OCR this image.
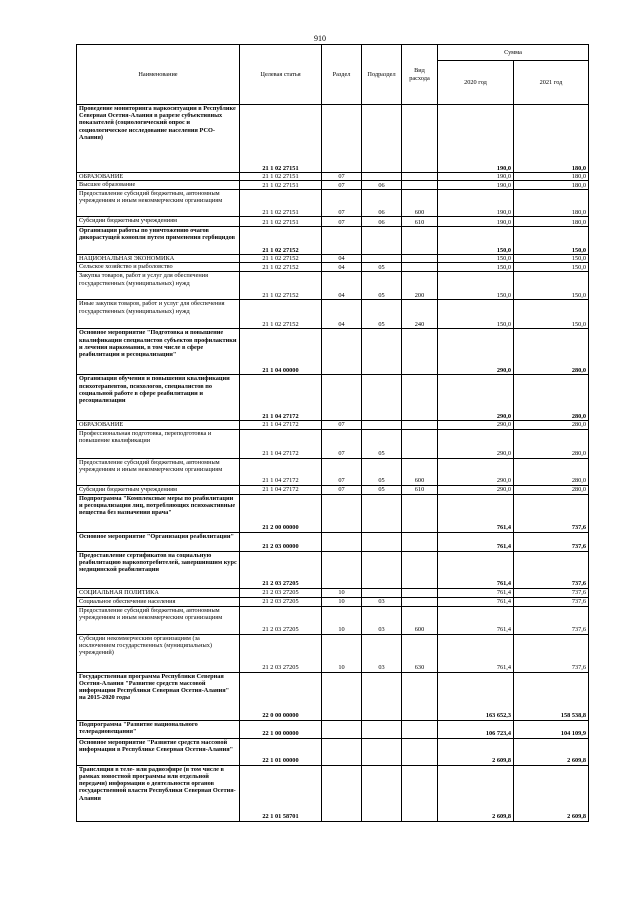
910
Наименование	Целевая статья	Раздел	Подраздел	Вид расхода	Сумма	
					2020 год	2021 год
Проведение мониторинга наркоситуации в Республике Северная Осетия-Алания в разрезе субъективных показателей (социологический опрос и социологическое исследование населения РСО-Алания)	21 1 02 27151				190,0	180,0
ОБРАЗОВАНИЕ	21 1 02 27151	07			190,0	180,0
Высшее образование	21 1 02 27151	07	06		190,0	180,0
Предоставление субсидий бюджетным, автономным учреждениям и иным некоммерческим организациям	21 1 02 27151	07	06	600	190,0	180,0
Субсидии бюджетным учреждениям	21 1 02 27151	07	06	610	190,0	180,0
Организация работы по уничтожению очагов дикорастущей конопли путем применения гербицидов	21 1 02 27152				150,0	150,0
НАЦИОНАЛЬНАЯ ЭКОНОМИКА	21 1 02 27152	04			150,0	150,0
Сельское хозяйство и рыболовство	21 1 02 27152	04	05		150,0	150,0
Закупка товаров, работ и услуг для обеспечения государственных (муниципальных) нужд	21 1 02 27152	04	05	200	150,0	150,0
Иные закупки товаров, работ и услуг для обеспечения государственных (муниципальных) нужд	21 1 02 27152	04	05	240	150,0	150,0
Основное мероприятие "Подготовка и повышение квалификации специалистов субъектов профилактики и лечения наркомании, в том числе в сфере реабилитации и ресоциализации"	21 1 04 00000				290,0	280,0
Организация обучения и повышения квалификации психотерапевтов, психологов, специалистов по социальной работе в сфере реабилитации и ресоциализации	21 1 04 27172				290,0	280,0
ОБРАЗОВАНИЕ	21 1 04 27172	07			290,0	280,0
Профессиональная подготовка, переподготовка и повышение квалификации	21 1 04 27172	07	05		290,0	280,0
Предоставление субсидий бюджетным, автономным учреждениям и иным некоммерческим организациям	21 1 04 27172	07	05	600	290,0	280,0
Субсидии бюджетным учреждениям	21 1 04 27172	07	05	610	290,0	280,0
Подпрограмма "Комплексные меры по реабилитации и ресоциализации лиц, потребляющих психоактивные вещества без назначения врача"	21 2 00 00000				761,4	737,6
Основное мероприятие "Организация реабилитации"	21 2 03 00000				761,4	737,6
Предоставление сертификатов на социальную реабилитацию наркопотребителей, завершившим курс медицинской реабилитации	21 2 03 27205				761,4	737,6
СОЦИАЛЬНАЯ ПОЛИТИКА	21 2 03 27205	10			761,4	737,6
Социальное обеспечение населения	21 2 03 27205	10	03		761,4	737,6
Предоставление субсидий бюджетным, автономным учреждениям и иным некоммерческим организациям	21 2 03 27205	10	03	600	761,4	737,6
Субсидии некоммерческим организациям (за исключением государственных (муниципальных) учреждений)	21 2 03 27205	10	03	630	761,4	737,6
Государственная программа Республики Северная Осетия-Алания "Развитие средств массовой информации Республики Северная Осетия-Алания" на 2015-2020 годы	22 0 00 00000				163 652,3	158 538,8
Подпрограмма "Развитие национального телерадиовещания"	22 1 00 00000				106 723,4	104 109,9
Основное мероприятие "Развитие средств массовой информации в Республике Северная Осетия-Алания"	22 1 01 00000				2 609,8	2 609,8
Трансляция в теле- или радиоэфире (в том числе в рамках новостной программы или отдельной передачи) информации о деятельности органов государственной власти Республики Северная Осетия-Алания	22 1 01 58701				2 609,8	2 609,8
